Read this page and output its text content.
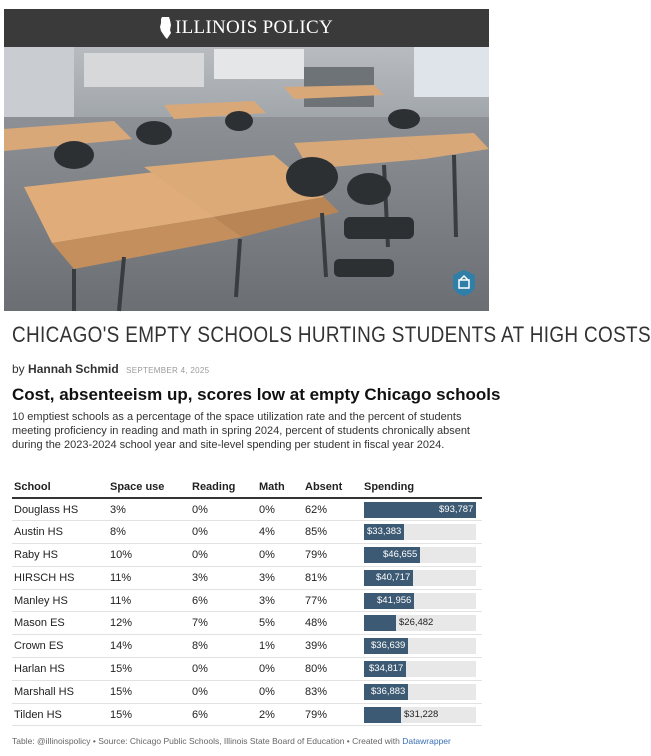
ILLINOIS POLICY
CHICAGO'S EMPTY SCHOOLS HURTING STUDENTS AT HIGH COSTS
by Hannah Schmid SEPTEMBER 4, 2025
Cost, absenteeism up, scores low at empty Chicago schools
10 emptiest schools as a percentage of the space utilization rate and the percent of students meeting proficiency in reading and math in spring 2024, percent of students chronically absent during the 2023-2024 school year and site-level spending per student in fiscal year 2024.
School	Space use	Reading	Math	Absent	Spending
Douglass HS	3%	0%	0%	62%	$93,787

Austin HS	8%	0%	4%	85%	$33,383

Raby HS	10%	0%	0%	79%	$46,655

HIRSCH HS	11%	3%	3%	81%	$40,717

Manley HS	11%	6%	3%	77%	$41,956

Mason ES	12%	7%	5%	48%	$26,482

Crown ES	14%	8%	1%	39%	$36,639

Harlan HS	15%	0%	0%	80%	$34,817

Marshall HS	15%	0%	0%	83%	$36,883

Tilden HS	15%	6%	2%	79%	$31,228
Table: @illinoispolicy • Source: Chicago Public Schools, Illinois State Board of Education • Created with Datawrapper
